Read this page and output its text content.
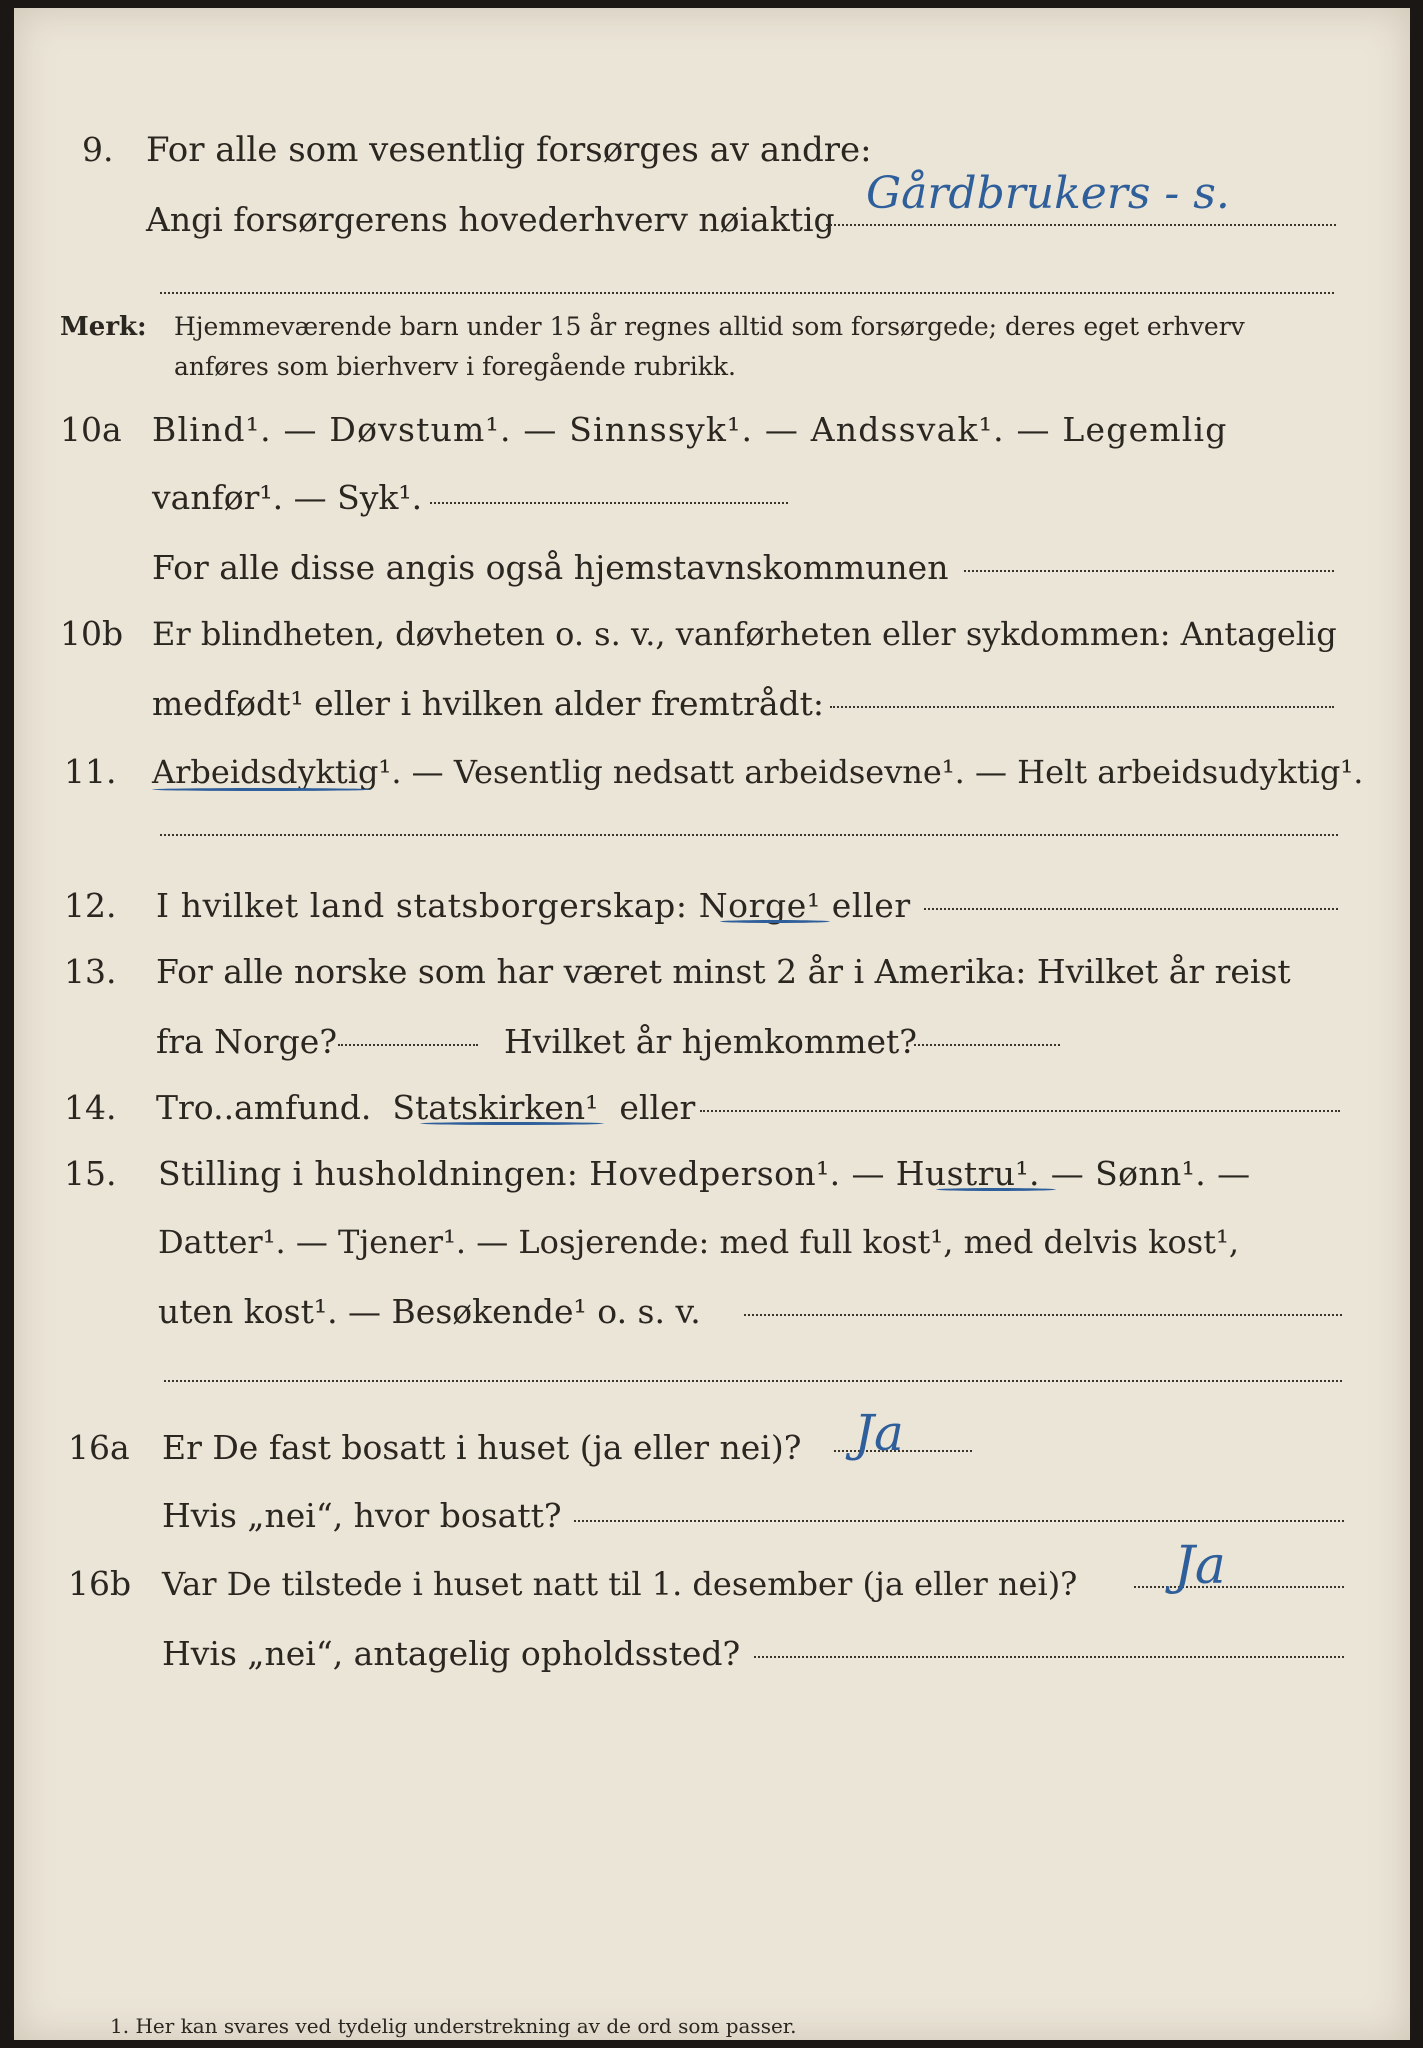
9. For alle som vesentlig forsørges av andre:
Angi forsørgerens hovederhverv nøiaktig
Gårdbrukers - s.
Merk: Hjemmeværende barn under 15 år regnes alltid som forsørgede; deres eget erhverv
anføres som bierhverv i foregående rubrikk.
10a Blind¹. — Døvstum¹. — Sinnssyk¹. — Andssvak¹. — Legemlig
vanfør¹. — Syk¹.
For alle disse angis også hjemstavnskommunen
10b Er blindheten, døvheten o. s. v., vanførheten eller sykdommen: Antagelig
medfødt¹ eller i hvilken alder fremtrådt:
11. Arbeidsdyktig¹. — Vesentlig nedsatt arbeidsevne¹. — Helt arbeidsudyktig¹.
12. I hvilket land statsborgerskap: Norge¹ eller
13. For alle norske som har været minst 2 år i Amerika: Hvilket år reist
fra Norge?	Hvilket år hjemkommet?
14. Tro..amfund.  Statskirken¹  eller
15. Stilling i husholdningen: Hovedperson¹. — Hustru¹. — Sønn¹. —
Datter¹. — Tjener¹. — Losjerende: med full kost¹, med delvis kost¹,
uten kost¹. — Besøkende¹ o. s. v.
16a Er De fast bosatt i huset (ja eller nei)? Ja
Hvis „nei“, hvor bosatt?
16b Var De tilstede i huset natt til 1. desember (ja eller nei)? Ja
Hvis „nei“, antagelig opholdssted?
1. Her kan svares ved tydelig understrekning av de ord som passer.
